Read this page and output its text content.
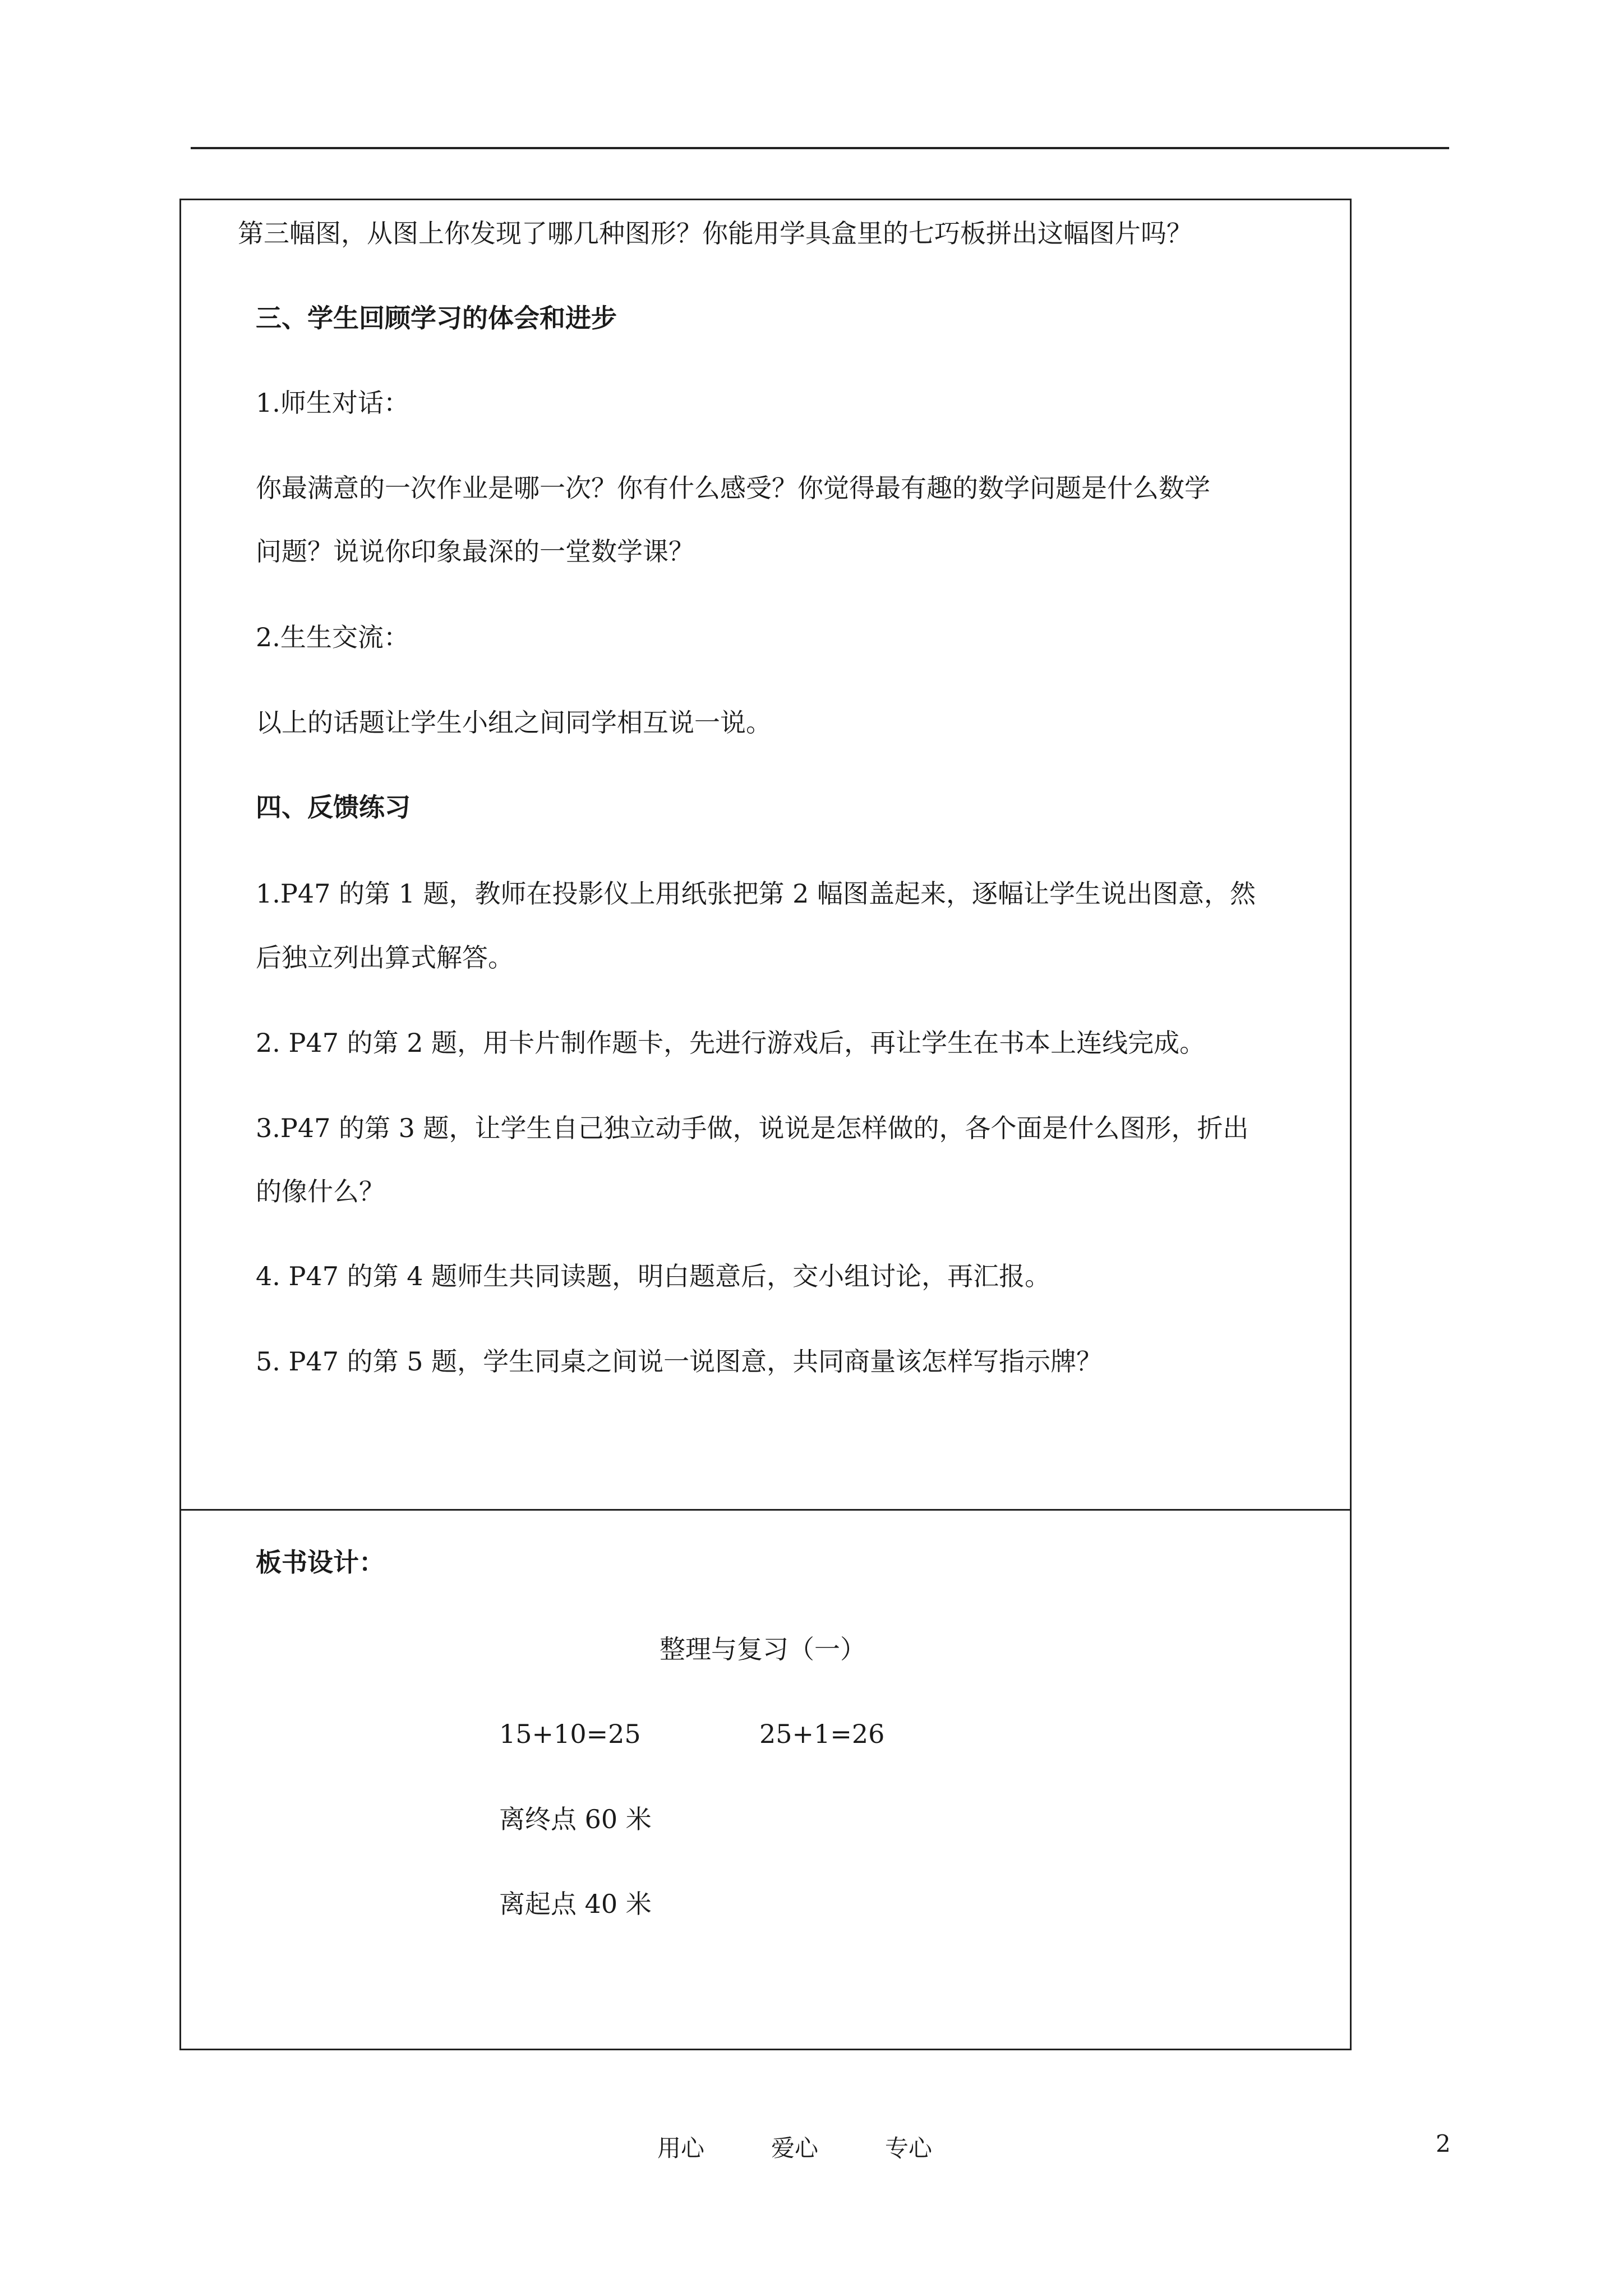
第三幅图，从图上你发现了哪几种图形？你能用学具盒里的七巧板拼出这幅图片吗？
三、学生回顾学习的体会和进步
1.师生对话：
你最满意的一次作业是哪一次？你有什么感受？你觉得最有趣的数学问题是什么数学
问题？说说你印象最深的一堂数学课？
2.生生交流：
以上的话题让学生小组之间同学相互说一说。
四、反馈练习
1.P47 的第 1 题，教师在投影仪上用纸张把第 2 幅图盖起来，逐幅让学生说出图意，然
后独立列出算式解答。
2. P47 的第 2 题，用卡片制作题卡，先进行游戏后，再让学生在书本上连线完成。
3.P47 的第 3 题，让学生自己独立动手做，说说是怎样做的，各个面是什么图形，折出
的像什么？
4. P47 的第 4 题师生共同读题，明白题意后，交小组讨论，再汇报。
5. P47 的第 5 题，学生同桌之间说一说图意，共同商量该怎样写指示牌？
板书设计：
整理与复习（一）
15+10=25	25+1=26
离终点 60 米
离起点 40 米
用心	爱心	专心	2
